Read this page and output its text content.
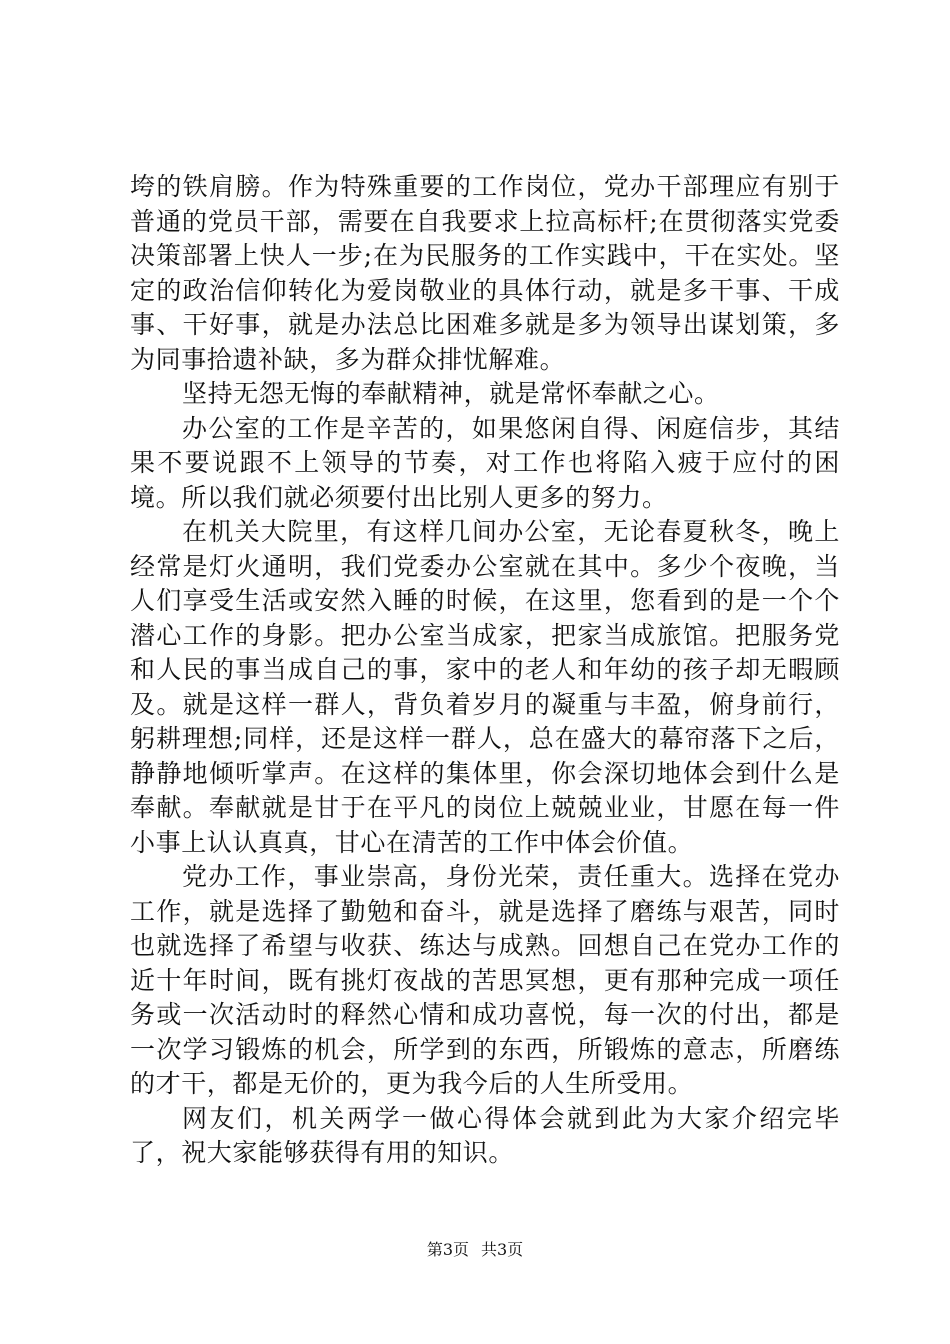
垮的铁肩膀。作为特殊重要的工作岗位，党办干部理应有别于普通的党员干部，需要在自我要求上拉高标杆;在贯彻落实党委决策部署上快人一步;在为民服务的工作实践中，干在实处。坚定的政治信仰转化为爱岗敬业的具体行动，就是多干事、干成事、干好事，就是办法总比困难多就是多为领导出谋划策，多为同事拾遗补缺，多为群众排忧解难。

坚持无怨无悔的奉献精神，就是常怀奉献之心。

办公室的工作是辛苦的，如果悠闲自得、闲庭信步，其结果不要说跟不上领导的节奏，对工作也将陷入疲于应付的困境。所以我们就必须要付出比别人更多的努力。

在机关大院里，有这样几间办公室，无论春夏秋冬，晚上经常是灯火通明，我们党委办公室就在其中。多少个夜晚，当人们享受生活或安然入睡的时候，在这里，您看到的是一个个潜心工作的身影。把办公室当成家，把家当成旅馆。把服务党和人民的事当成自己的事，家中的老人和年幼的孩子却无暇顾及。就是这样一群人，背负着岁月的凝重与丰盈，俯身前行，躬耕理想;同样，还是这样一群人，总在盛大的幕帘落下之后，静静地倾听掌声。在这样的集体里，你会深切地体会到什么是奉献。奉献就是甘于在平凡的岗位上兢兢业业，甘愿在每一件小事上认认真真，甘心在清苦的工作中体会价值。

党办工作，事业崇高，身份光荣，责任重大。选择在党办工作，就是选择了勤勉和奋斗，就是选择了磨练与艰苦，同时也就选择了希望与收获、练达与成熟。回想自己在党办工作的近十年时间，既有挑灯夜战的苦思冥想，更有那种完成一项任务或一次活动时的释然心情和成功喜悦，每一次的付出，都是一次学习锻炼的机会，所学到的东西，所锻炼的意志，所磨练的才干，都是无价的，更为我今后的人生所受用。

网友们，机关两学一做心得体会就到此为大家介绍完毕了，祝大家能够获得有用的知识。

第3页 共3页
